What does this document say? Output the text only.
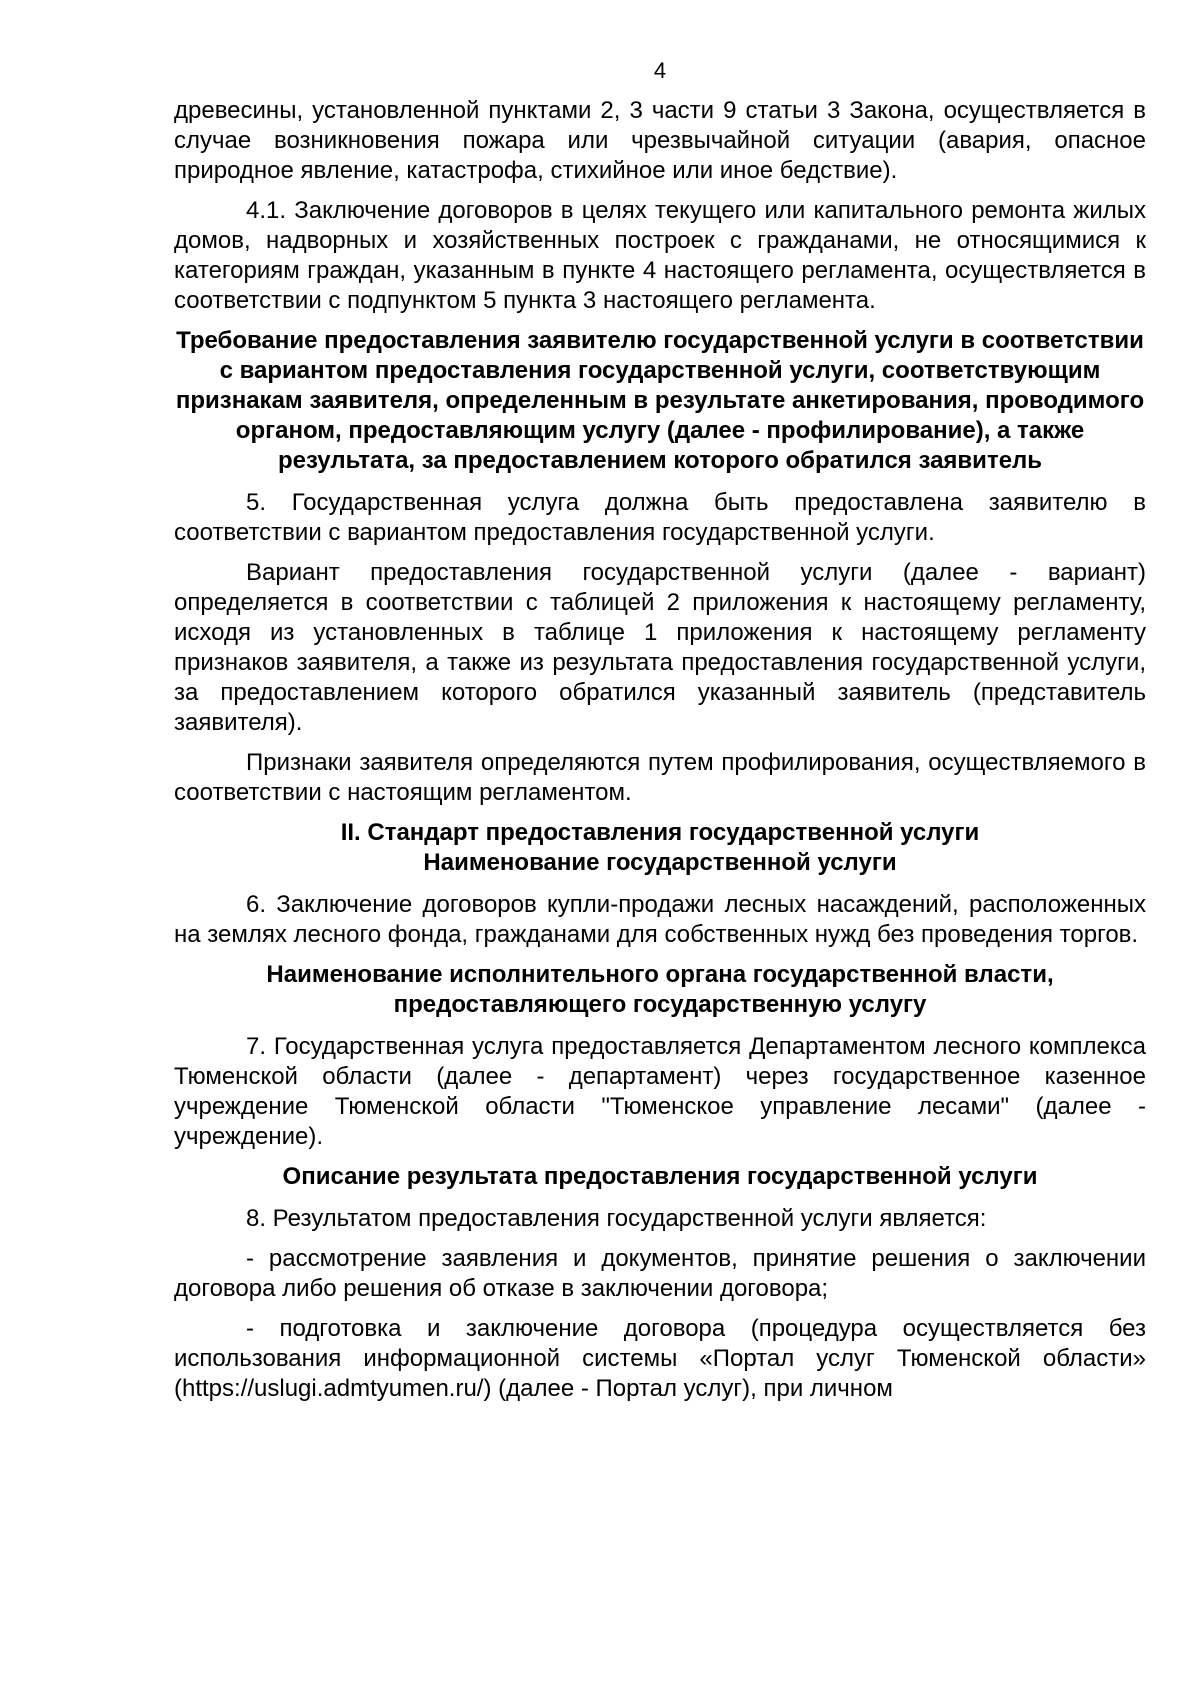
4
древесины, установленной пунктами 2, 3 части 9 статьи 3 Закона, осуществляется в случае возникновения пожара или чрезвычайной ситуации (авария, опасное природное явление, катастрофа, стихийное или иное бедствие).
4.1. Заключение договоров в целях текущего или капитального ремонта жилых домов, надворных и хозяйственных построек с гражданами, не относящимися к категориям граждан, указанным в пункте 4 настоящего регламента, осуществляется в соответствии с подпунктом 5 пункта 3 настоящего регламента.
Требование предоставления заявителю государственной услуги в соответствии с вариантом предоставления государственной услуги, соответствующим признакам заявителя, определенным в результате анкетирования, проводимого органом, предоставляющим услугу (далее - профилирование), а также результата, за предоставлением которого обратился заявитель
5. Государственная услуга должна быть предоставлена заявителю в соответствии с вариантом предоставления государственной услуги.
Вариант предоставления государственной услуги (далее - вариант) определяется в соответствии с таблицей 2 приложения к настоящему регламенту, исходя из установленных в таблице 1 приложения к настоящему регламенту признаков заявителя, а также из результата предоставления государственной услуги, за предоставлением которого обратился указанный заявитель (представитель заявителя).
Признаки заявителя определяются путем профилирования, осуществляемого в соответствии с настоящим регламентом.
II. Стандарт предоставления государственной услуги
Наименование государственной услуги
6. Заключение договоров купли-продажи лесных насаждений, расположенных на землях лесного фонда, гражданами для собственных нужд без проведения торгов.
Наименование исполнительного органа государственной власти, предоставляющего государственную услугу
7. Государственная услуга предоставляется Департаментом лесного комплекса Тюменской области (далее - департамент) через государственное казенное учреждение Тюменской области "Тюменское управление лесами" (далее - учреждение).
Описание результата предоставления государственной услуги
8. Результатом предоставления государственной услуги является:
- рассмотрение заявления и документов, принятие решения о заключении договора либо решения об отказе в заключении договора;
- подготовка и заключение договора (процедура осуществляется без использования информационной системы «Портал услуг Тюменской области» (https://uslugi.admtyumen.ru/) (далее - Портал услуг), при личном
